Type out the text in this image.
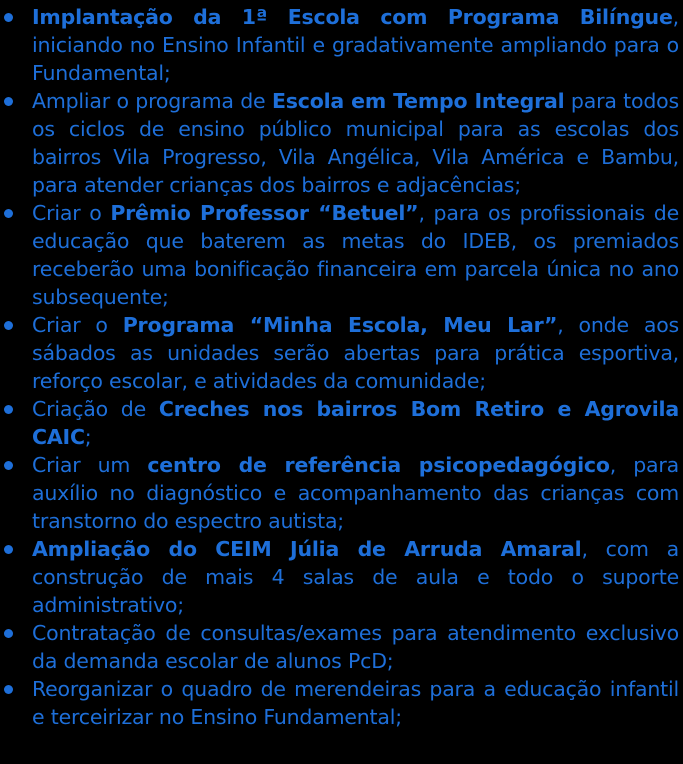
Implantação da 1ª Escola com Programa Bilíngue, iniciando no Ensino Infantil e gradativamente ampliando para o Fundamental;
Ampliar o programa de Escola em Tempo Integral para todos os ciclos de ensino público municipal para as escolas dos bairros Vila Progresso, Vila Angélica, Vila América e Bambu, para atender crianças dos bairros e adjacências;
Criar o Prêmio Professor “Betuel”, para os profissionais de educação que baterem as metas do IDEB, os premiados receberão uma bonificação financeira em parcela única no ano subsequente;
Criar o Programa “Minha Escola, Meu Lar”, onde aos sábados as unidades serão abertas para prática esportiva, reforço escolar, e atividades da comunidade;
Criação de Creches nos bairros Bom Retiro e Agrovila CAIC;
Criar um centro de referência psicopedagógico, para auxílio no diagnóstico e acompanhamento das crianças com transtorno do espectro autista;
Ampliação do CEIM Júlia de Arruda Amaral, com a construção de mais 4 salas de aula e todo o suporte administrativo;
Contratação de consultas/exames para atendimento exclusivo da demanda escolar de alunos PcD;
Reorganizar o quadro de merendeiras para a educação infantil e terceirizar no Ensino Fundamental;
